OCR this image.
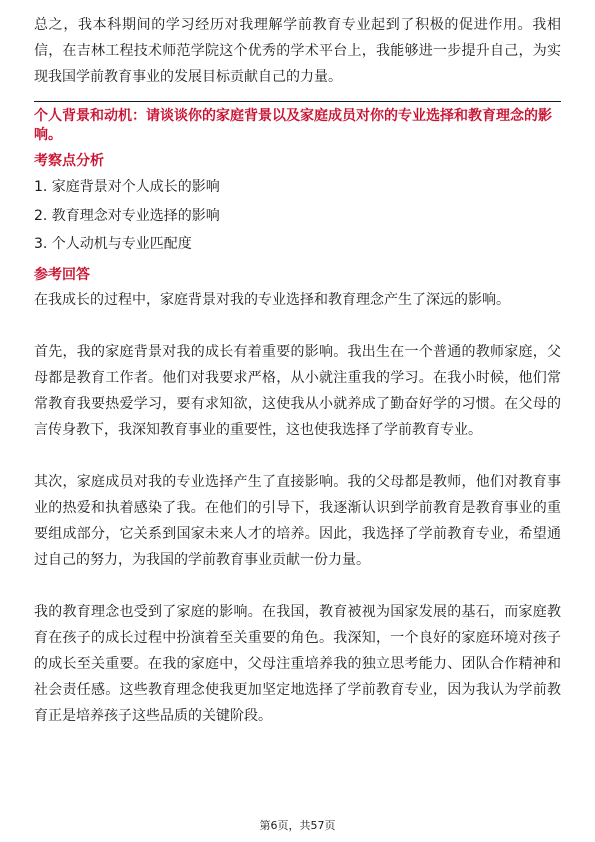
总之，我本科期间的学习经历对我理解学前教育专业起到了积极的促进作用。我相信，在吉林工程技术师范学院这个优秀的学术平台上，我能够进一步提升自己，为实现我国学前教育事业的发展目标贡献自己的力量。

个人背景和动机：请谈谈你的家庭背景以及家庭成员对你的专业选择和教育理念的影响。

考察点分析
1. 家庭背景对个人成长的影响
2. 教育理念对专业选择的影响
3. 个人动机与专业匹配度
参考回答

在我成长的过程中，家庭背景对我的专业选择和教育理念产生了深远的影响。

首先，我的家庭背景对我的成长有着重要的影响。我出生在一个普通的教师家庭，父母都是教育工作者。他们对我要求严格，从小就注重我的学习。在我小时候，他们常常教育我要热爱学习，要有求知欲，这使我从小就养成了勤奋好学的习惯。在父母的言传身教下，我深知教育事业的重要性，这也使我选择了学前教育专业。

其次，家庭成员对我的专业选择产生了直接影响。我的父母都是教师，他们对教育事业的热爱和执着感染了我。在他们的引导下，我逐渐认识到学前教育是教育事业的重要组成部分，它关系到国家未来人才的培养。因此，我选择了学前教育专业，希望通过自己的努力，为我国的学前教育事业贡献一份力量。

我的教育理念也受到了家庭的影响。在我国，教育被视为国家发展的基石，而家庭教育在孩子的成长过程中扮演着至关重要的角色。我深知，一个良好的家庭环境对孩子的成长至关重要。在我的家庭中，父母注重培养我的独立思考能力、团队合作精神和社会责任感。这些教育理念使我更加坚定地选择了学前教育专业，因为我认为学前教育正是培养孩子这些品质的关键阶段。

第6页，共57页
